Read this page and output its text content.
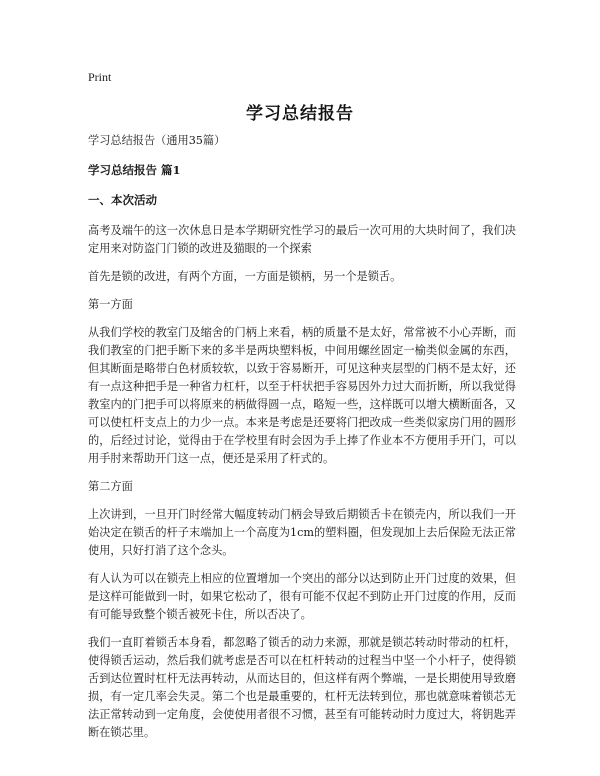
Print
学习总结报告

学习总结报告（通用35篇）

学习总结报告 篇1

一、本次活动

高考及端午的这一次休息日是本学期研究性学习的最后一次可用的大块时间了，我们决定用来对防盗门门锁的改进及猫眼的一个探索

首先是锁的改进，有两个方面，一方面是锁柄，另一个是锁舌。

第一方面

从我们学校的教室门及缩舍的门柄上来看，柄的质量不是太好，常常被不小心弄断，而我们教室的门把手断下来的多半是两块塑料板，中间用螺丝固定一榆类似金属的东西，但其断面是略带白色材质较软，以致于容易断开，可见这种夹层型的门柄不是太好，还有一点这种把手是一种省力杠杆，以至于杆状把手容易因外力过大而折断，所以我觉得教室内的门把手可以将原来的柄做得圆一点，略短一些，这样既可以增大横断面各，又可以使杠杆支点上的力少一点。本来是考虑是还要将门把改成一些类似家房门用的圆形的，后经过讨论，觉得由于在学校里有时会因为手上捧了作业本不方便用手开门，可以用手肘来帮助开门这一点，便还是采用了杆式的。

第二方面

上次讲到，一旦开门时经常大幅度转动门柄会导致后期锁舌卡在锁壳内，所以我们一开始决定在锁舌的杆子末端加上一个高度为1cm的塑料圈，但发现加上去后保险无法正常使用，只好打消了这个念头。

有人认为可以在锁壳上相应的位置增加一个突出的部分以达到防止开门过度的效果，但是这样可能做到一时，如果它松动了，很有可能不仅起不到防止开门过度的作用，反而有可能导致整个锁舌被死卡住，所以否决了。

我们一直盯着锁舌本身看，都忽略了锁舌的动力来源，那就是锁芯转动时带动的杠杆，使得锁舌运动，然后我们就考虑是否可以在杠杆转动的过程当中坚一个小杆子，使得锁舌到达位置时杠杆无法再转动，从而达目的，但这样有两个弊端，一是长期使用导致磨损，有一定几率会失灵。第二个也是最重要的，杠杆无法转到位，那也就意味着锁芯无法正常转动到一定角度，会使使用者很不习惯，甚至有可能转动时力度过大，将钥匙弄断在锁芯里。
